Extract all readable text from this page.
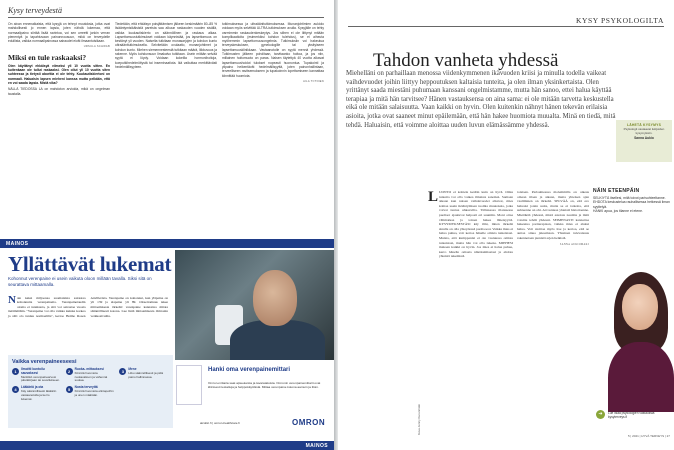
Kysy terveydestä

On aivan ennenaikaista, että kysyjä on tehnyt muutoksia, jotka ovat mahdollisesti jo ennen lapsia, joten nähdä lukemaa, että normaalipaino siirtää lisää ravintoa, voi sen urreetti jonkin verran pienentyä ja tapahtuvaan painonnousuun, mikä on terveydelle edullista, vaikka normaalipainossa sairaudet eivät ilmaantuisikaan.

URSULA SCHWAB
Miksi en tule raskaaksi?

Olen käyttänyt ehkäisyä viimeksi yli 10 vuotta sitten. En kuitenkaan ole tullut raskaaksi. Olen ollut yli 10 vuotta siten suhteessa ja tietysti aborttia ei ole tehty. Kuukautiskiertoni on normaali. Haluaisin lapsen mieheni kanssa mutta pelkään, että en voi saada lapsia. Mistä vika?

NÄLLÄ TIEDOSSA LA on mahdoton arvioida, mikä on ongelman taustalla.

Tiedetään, että ehkäisyn poisjättämisen jälkeen keskimäärin 80–85 % lisääntymisikäisistä pareista saa alkuun raskauden vuoden sisällä, vaikka kuukautiskierto on säännöllinen ja raskaus alkaa. Lapsettomuustutkimukset voidaan käynnistää, jos lapsettomuus on kestänyt yli vuoden. Naiselta tutkitaan munasarjojen ja kohdun kunto ultraäänitutkimuksella. Selvitetään ovulaatio, munanjohtimet ja kohdun kunto. Miehen siemennesteestä tutkitaan määrä, liikkuvuus ja rakenne. Myös kohdunsuun limakalvo tutkitaan. Usein mitään selvää syytä ei löydy. Voidaan kokeilla hormonihoitoja, koeputkihedelmöitystä tai inseminaatiota. Ikä vaikuttaa merkittävästi hedelmällisyyteen.

tutkimuksessa ja ultraäänitutkimuksessa. Munanjohtimien aukiolo voidaan myös selvittää ULTRA-tutkimuksen avulla. Kysyjälle on tehty varmimmin raskaudenkeskeytys. Jos siihen ei ole liittynyt mitään komplikaatioita (esimerkiksi kohdun tulehdus), se ei aiheuta myöhemmin lapsettomuusongelmia. Tutkimuksiin voi hakeutua terveyskeskuksen, gynekologille tai yksityiseen lapsettomuusklinikkaan. Vastaanotolle on syytä mennä yhdessä. Tutkimusten jälkeen pohditaan, tarvitaanko hoitoa, ja jos niin, millainen hoitomuoto on paras. Naisen täytettyä 40 vuotta alkavat lapsettomuushoidot tulokset nopeasti huonontua. Tupakointi ja ylipaino heikentävät hedelmällisyyttä, joten painonhallintaan, terveelliseen ravitsemukseen ja tupakoinnin lopettamiseen kannattaa kiinnittää huomiota.

AILA TIITINEN
MAINOS
Yllättävät lukemat
Kohonnut verenpaine ei usein vaikuta oloon millään tavalla. Siksi sitä on seurattava mittaamalla.
N ain kaksi miljoonaa suomalaista sairastaa kohonnutta verenpainetta. Verenpainetaudin oireita ei tunnisteta, ja sitä voi sairastaa vuosia tietämättään. "Verenpaine voi olla vaikka kuinka korkea ja silti olo tuntuu normaalilta", kertoo Heimo Rosen Anvillerista. Verenpaine on kohonnut, kun yläpaine on yli 139 ja alapaine yli 89. Oireettomuus tekee mittaamisesta tärkeää: verenpaine kannattaa mitata säännöllisesti kotona. Lue lisää mittaamisesta Omronin verkkosivuilta.
Vaikka verenpaineeseesi
1	Ilmoitti kuntoilu sauvaksesi
Merkitkö verenpainearvosi päiväkirjaan tai sovellukseen.
2	Ruoka- mittauksesi
Kiinnitä huomiota ruokavalioon ja vähennä suolaa.
3	Mene
Liiku säännöllisesti ja pidä paino hallinnassa.
4	Lääkäriä ja ota
Käy säännöllisesti lääkärin vastaanotolla ja kerro lukemat.
5	Nosta terveyttä
Kiinnitä huomiota elintapoihin ja unen määrään.
Hanki oma verenpainemittari
Omron-mittaria saat apteekeista ja tavarataloista. Omronin verenpainemittarit ovat kliinisesti testattuja ja helppokäyttöisiä. Mittaa verenpaine kotona aamuin ja illoin.
alcoltic.fi | omron-healthcare.fi	OMRON
MAINOS
KYSY PSYKOLOGILTA
Tahdon vanheta yhdessä
Miehelläni on parhaillaan menossa viidenkymmenen ikävuoden kriisi ja minulla todella vaikeat vaihdevuodet joihin liittyy heppoutuksen kaltaisia tunteita, ja olen ilman yksinkertaista. Olen yrittänyt saada miestäni puhumaan kanssani ongelmistamme, mutta hän sanoo, ettei halua käyttää terapiaa ja mitä hän tarvitsee? Hänen vastauksensa on aina sama: ei ole mitään tarvetta keskustella eikä ole mitään salaisuutta. Vaan kaikki on hyvin. Olen kuitenkin nähnyt hänen tekevän erilaisia asioita, jotka ovat saaneet minut epäilemään, että hän hakee huomiota muualta. Minä en tiedä, mitä tehdä. Haluaisin, että voimme aloittaa uuden luvun elämässämme yhdessä.	LÄHETÄ KYSYMYS
Psykologit vastaavat lukijoiden kysymyksiin.
Sanna Aukio
Kuva Jenny Kurunmäki
L UONTO ei kohtele ketään kuin on hyvä. Omia tunteita voi olla vaikea ilmaista sanoiksi. Samaan aikaan kun naisen vaihdevuodet alkavat, mies kohtaa usein ikääntymisen tuomia muutoksia, jotka voivat tuntua uhkaavilta. Tällaisessa tilanteessa puolisot ajautuvat helposti eri suuntiin. Moni ottaa välimatkaa ja toinen hakee läheisyyttä. KYSYMYKSESTÄSI käy ilmi, miten tärkeää sinulle on olla yhteydessä puolisoosi. Vaikka mies ei halua puhua, voit kertoa hänelle omista tunteistasi. Muista, että kumppanisi ei ole vastuussa omista tunteistasi, mutta hän voi olla tukena. MIEHESI makaan kaikki on hyvin. Jos mies ei halua puhua, kerro hänelle omasta näkökulmastasi ja ehdota yhteistä tekemistä.

toisiaan. Parisuhteessa molemmilla on oikeus omaan tilaan ja aikaan, mutta yhteisen ajan vaaliminen on tärkeää. SELVÄÄ on, että ero haluaisi jotain uutta, mutta se ei tarkoita, että suhteenne on ohi. Arvostakaa yhteistä historiaanne. Miettikää yhdessä, mistä asioista nautitte ja mitä voisitte tehdä yhdessä. SEIMENASTI kannattaa hakeutua pariterapiaan, vaikka mies ei aluksi halua. Voit aloittaa myös itse ja kertoa, että se auttaa sinua jaksamaan. Yhteinen tulevaisuus rakennetaan pienistä arjen hetkistä.

SANNA AUKIOMAKI
NÄIN ETEENPÄIN
SELKIYTÄ itsellesi, mitä toivot parisuhteeltanne.
EHDOTA keskustelua rauhallisessa hetkessä ilman syyttelyä.
HANKI apua, jos tilanne ei etene.
➜	Lue lisää psykologien vastauksia kysyterveys.fi
5 | 2021 | HYVÄ TERVEYS | 27
